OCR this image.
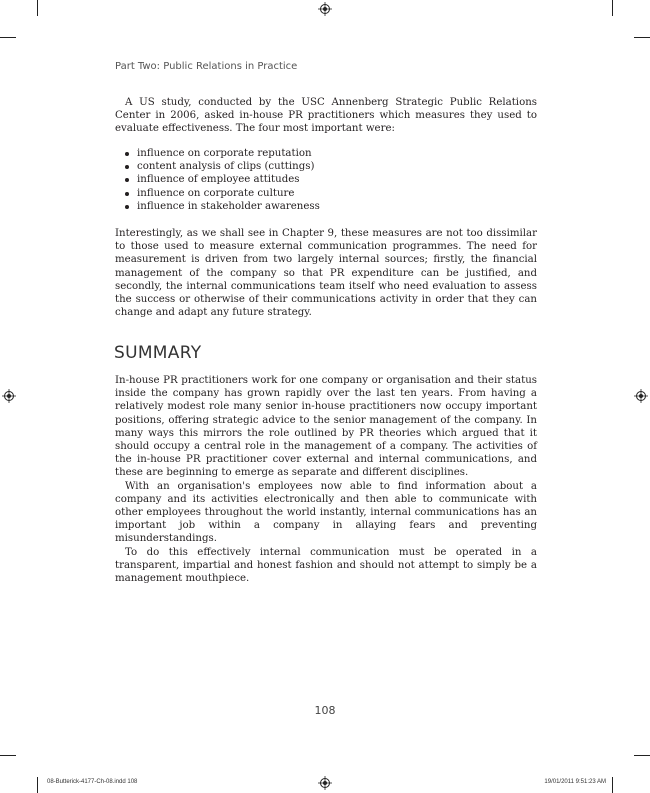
Part Two: Public Relations in Practice

A US study, conducted by the USC Annenberg Strategic Public Relations Center in 2006, asked in-house PR practitioners which measures they used to evaluate effectiveness. The four most important were:

influence on corporate reputation
content analysis of clips (cuttings)
influence of employee attitudes
influence on corporate culture
influence in stakeholder awareness

Interestingly, as we shall see in Chapter 9, these measures are not too dissimilar to those used to measure external communication programmes. The need for measurement is driven from two largely internal sources; firstly, the financial management of the company so that PR expenditure can be justified, and secondly, the internal communications team itself who need evaluation to assess the success or otherwise of their communications activity in order that they can change and adapt any future strategy.

SUMMARY

In-house PR practitioners work for one company or organisation and their status inside the company has grown rapidly over the last ten years. From having a relatively modest role many senior in-house practitioners now occupy important positions, offering strategic advice to the senior management of the company. In many ways this mirrors the role outlined by PR theories which argued that it should occupy a central role in the management of a company. The activities of the in-house PR practitioner cover external and internal communications, and these are beginning to emerge as separate and different disciplines.

With an organisation's employees now able to find information about a company and its activities electronically and then able to communicate with other employees throughout the world instantly, internal communications has an important job within a company in allaying fears and preventing misunderstandings.

To do this effectively internal communication must be operated in a transparent, impartial and honest fashion and should not attempt to simply be a management mouthpiece.

108
08-Butterick-4177-Ch-08.indd 108	19/01/2011 9:51:23 AM
